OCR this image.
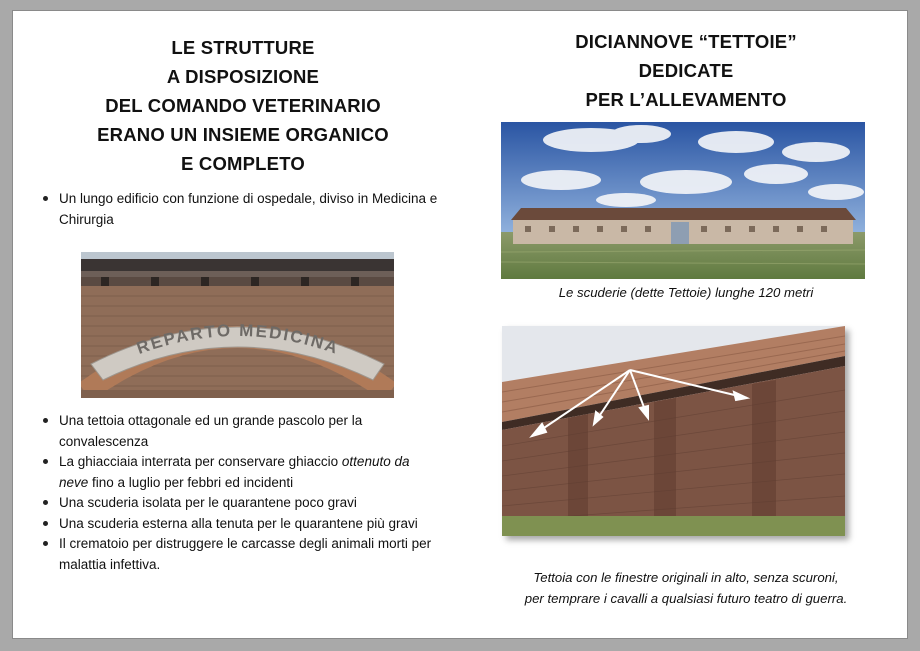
LE STRUTTURE
A DISPOSIZIONE
DEL COMANDO VETERINARIO
ERANO UN INSIEME ORGANICO
E COMPLETO
Un lungo edificio con funzione di ospedale, diviso in Medicina e Chirurgia
REPARTO MEDICINA
Una tettoia ottagonale ed un grande pascolo per la convalescenza
La ghiacciaia interrata per conservare ghiaccio ottenuto da neve fino a luglio per febbri ed incidenti
Una scuderia isolata per le quarantene poco gravi
Una scuderia esterna alla tenuta per le quarantene più gravi
Il crematoio per distruggere le carcasse degli animali morti per malattia infettiva.
DICIANNOVE “TETTOIE”
DEDICATE
PER L’ALLEVAMENTO

Le scuderie (dette Tettoie) lunghe 120 metri

Tettoia con le finestre originali in alto, senza scuroni,
per temprare i cavalli a qualsiasi futuro teatro di guerra.
